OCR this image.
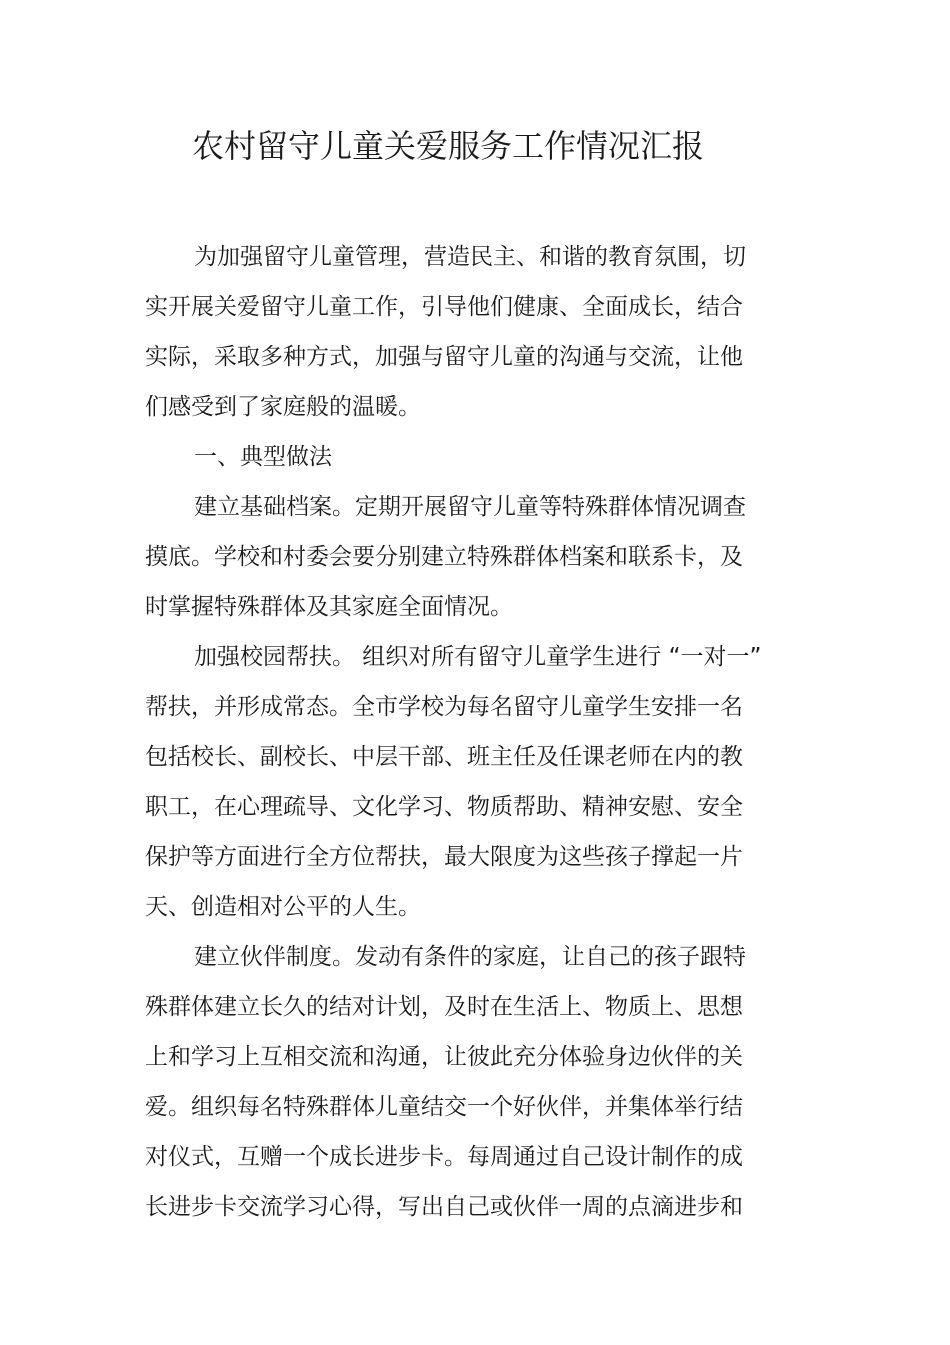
农村留守儿童关爱服务工作情况汇报
为加强留守儿童管理，营造民主、和谐的教育氛围，切
实开展关爱留守儿童工作，引导他们健康、全面成长，结合
实际，采取多种方式，加强与留守儿童的沟通与交流，让他
们感受到了家庭般的温暖。
一、典型做法
建立基础档案。定期开展留守儿童等特殊群体情况调查
摸底。学校和村委会要分别建立特殊群体档案和联系卡，及
时掌握特殊群体及其家庭全面情况。
加强校园帮扶。 组织对所有留守儿童学生进行 “一对一”
帮扶，并形成常态。全市学校为每名留守儿童学生安排一名
包括校长、副校长、中层干部、班主任及任课老师在内的教
职工，在心理疏导、文化学习、物质帮助、精神安慰、安全
保护等方面进行全方位帮扶，最大限度为这些孩子撑起一片
天、创造相对公平的人生。
建立伙伴制度。发动有条件的家庭，让自己的孩子跟特
殊群体建立长久的结对计划，及时在生活上、物质上、思想
上和学习上互相交流和沟通，让彼此充分体验身边伙伴的关
爱。组织每名特殊群体儿童结交一个好伙伴，并集体举行结
对仪式，互赠一个成长进步卡。每周通过自己设计制作的成
长进步卡交流学习心得，写出自己或伙伴一周的点滴进步和
